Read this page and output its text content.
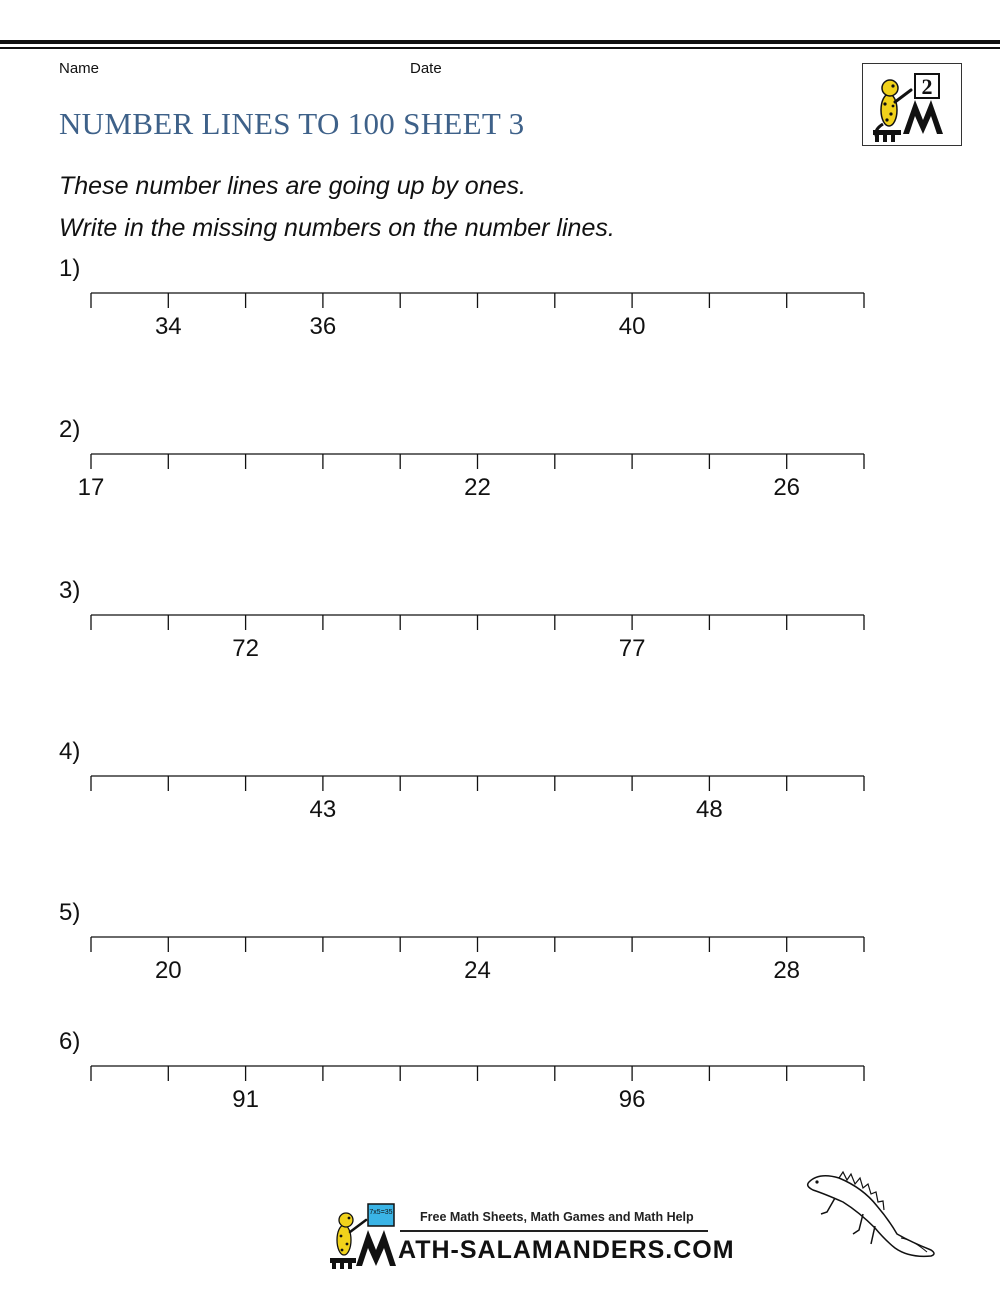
Name	Date
NUMBER LINES TO 100 SHEET 3
2
These number lines are going up by ones.
Write in the missing numbers on the number lines.
1)
34	36	40
2)
17	22	26
3)
72	77
4)
43	48
5)
20	24	28
6)
91	96
7x5=35 Free Math Sheets, Math Games and Math Help
ATH-SALAMANDERS.COM
